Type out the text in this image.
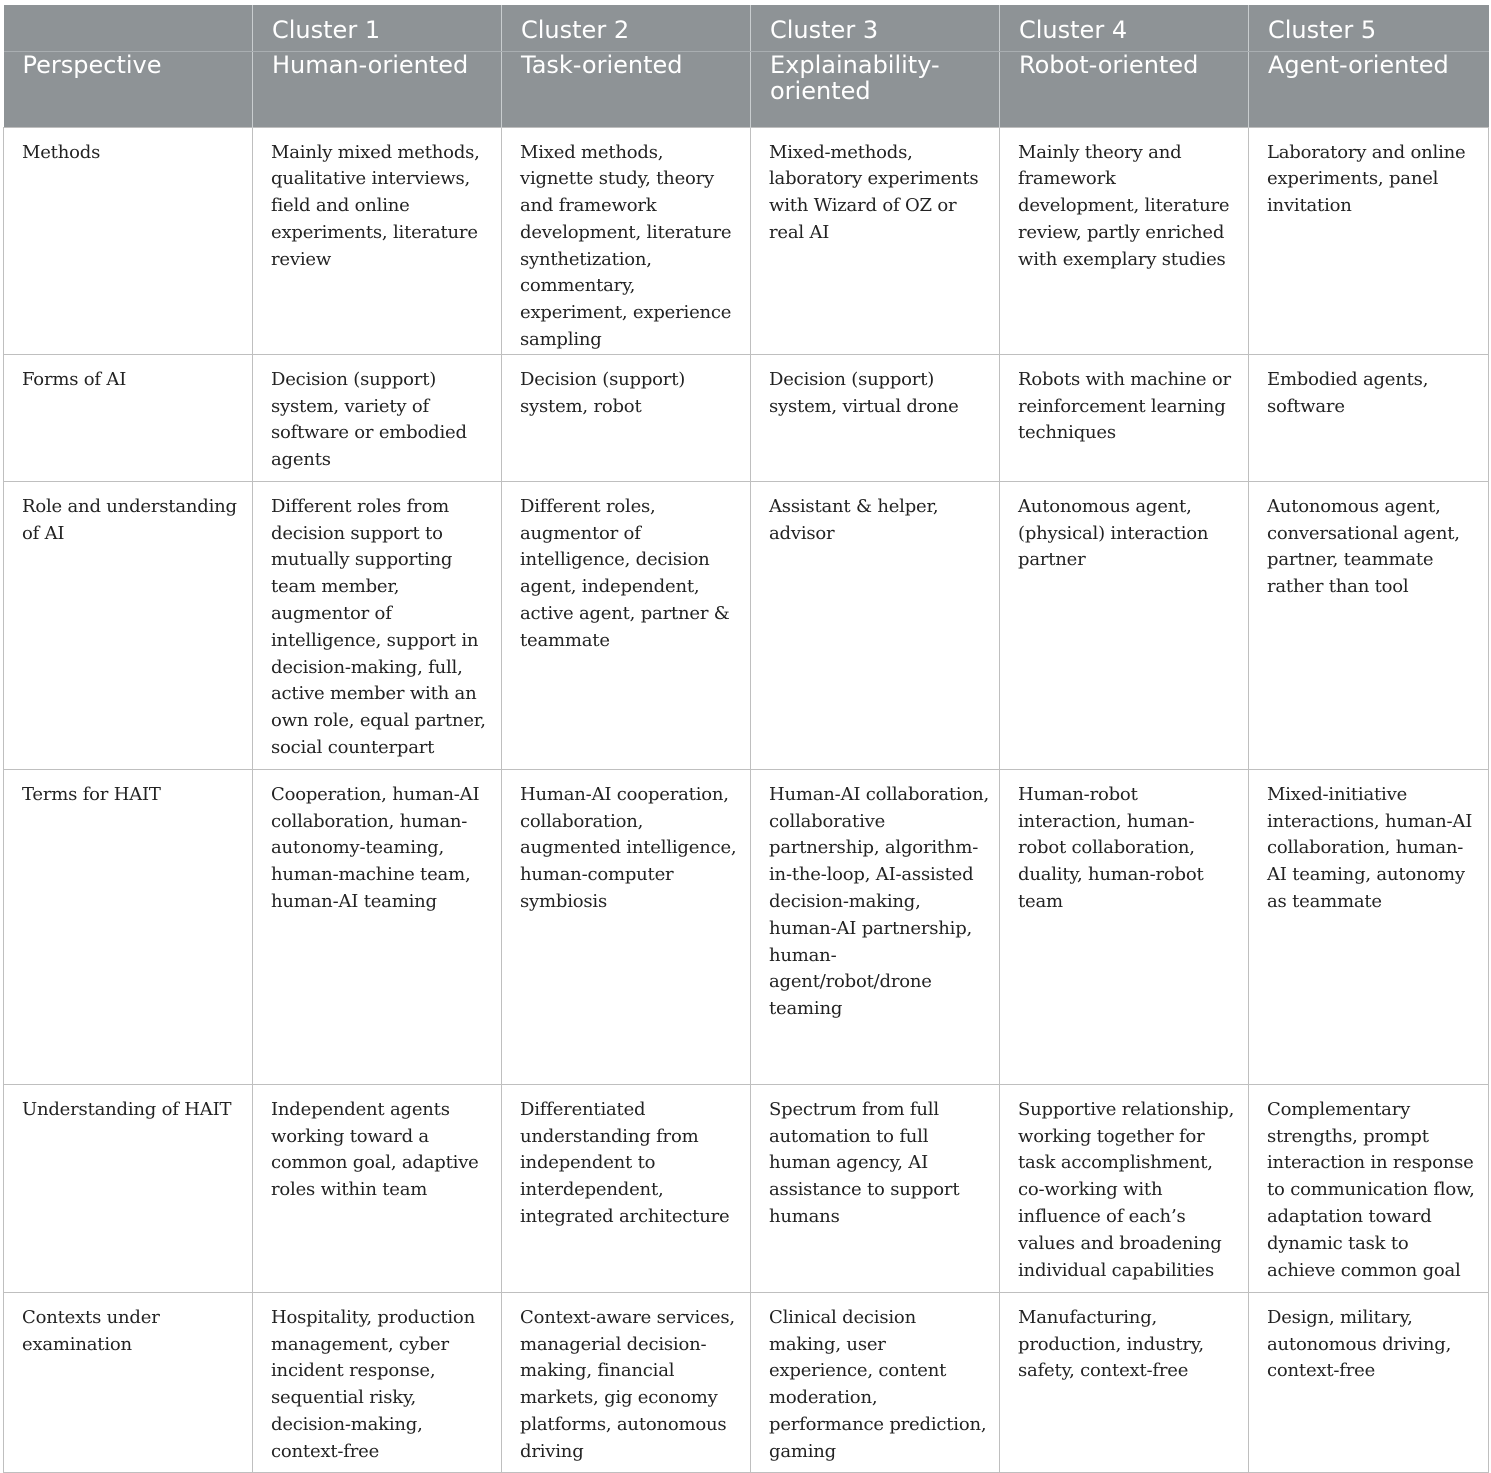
	Cluster 1	Cluster 2	Cluster 3	Cluster 4	Cluster 5
Perspective	Human-oriented	Task-oriented	Explainability-oriented	Robot-oriented	Agent-oriented
Methods	Mainly mixed methods, qualitative interviews, field and online experiments, literature review	Mixed methods, vignette study, theory and framework development, literature synthetization, commentary, experiment, experience sampling	Mixed-methods, laboratory experiments with Wizard of OZ or real AI	Mainly theory and framework development, literature review, partly enriched with exemplary studies	Laboratory and online experiments, panel invitation
Forms of AI	Decision (support) system, variety of software or embodied agents	Decision (support) system, robot	Decision (support) system, virtual drone	Robots with machine or reinforcement learning techniques	Embodied agents, software
Role and understanding of AI	Different roles from decision support to mutually supporting team member, augmentor of intelligence, support in decision-making, full, active member with an own role, equal partner, social counterpart	Different roles, augmentor of intelligence, decision agent, independent, active agent, partner & teammate	Assistant & helper, advisor	Autonomous agent, (physical) interaction partner	Autonomous agent, conversational agent, partner, teammate rather than tool
Terms for HAIT	Cooperation, human-AI collaboration, human-autonomy-teaming, human-machine team, human-AI teaming	Human-AI cooperation, collaboration, augmented intelligence, human-computer symbiosis	Human-AI collaboration, collaborative partnership, algorithm-in-the-loop, AI-assisted decision-making, human-AI partnership, human-agent/robot/drone teaming	Human-robot interaction, human-robot collaboration, duality, human-robot team	Mixed-initiative interactions, human-AI collaboration, human-AI teaming, autonomy as teammate
Understanding of HAIT	Independent agents working toward a common goal, adaptive roles within team	Differentiated understanding from independent to interdependent, integrated architecture	Spectrum from full automation to full human agency, AI assistance to support humans	Supportive relationship, working together for task accomplishment, co-working with influence of each’s values and broadening individual capabilities	Complementary strengths, prompt interaction in response to communication flow, adaptation toward dynamic task to achieve common goal
Contexts under examination	Hospitality, production management, cyber incident response, sequential risky, decision-making, context-free	Context-aware services, managerial decision-making, financial markets, gig economy platforms, autonomous driving	Clinical decision making, user experience, content moderation, performance prediction, gaming	Manufacturing, production, industry, safety, context-free	Design, military, autonomous driving, context-free
